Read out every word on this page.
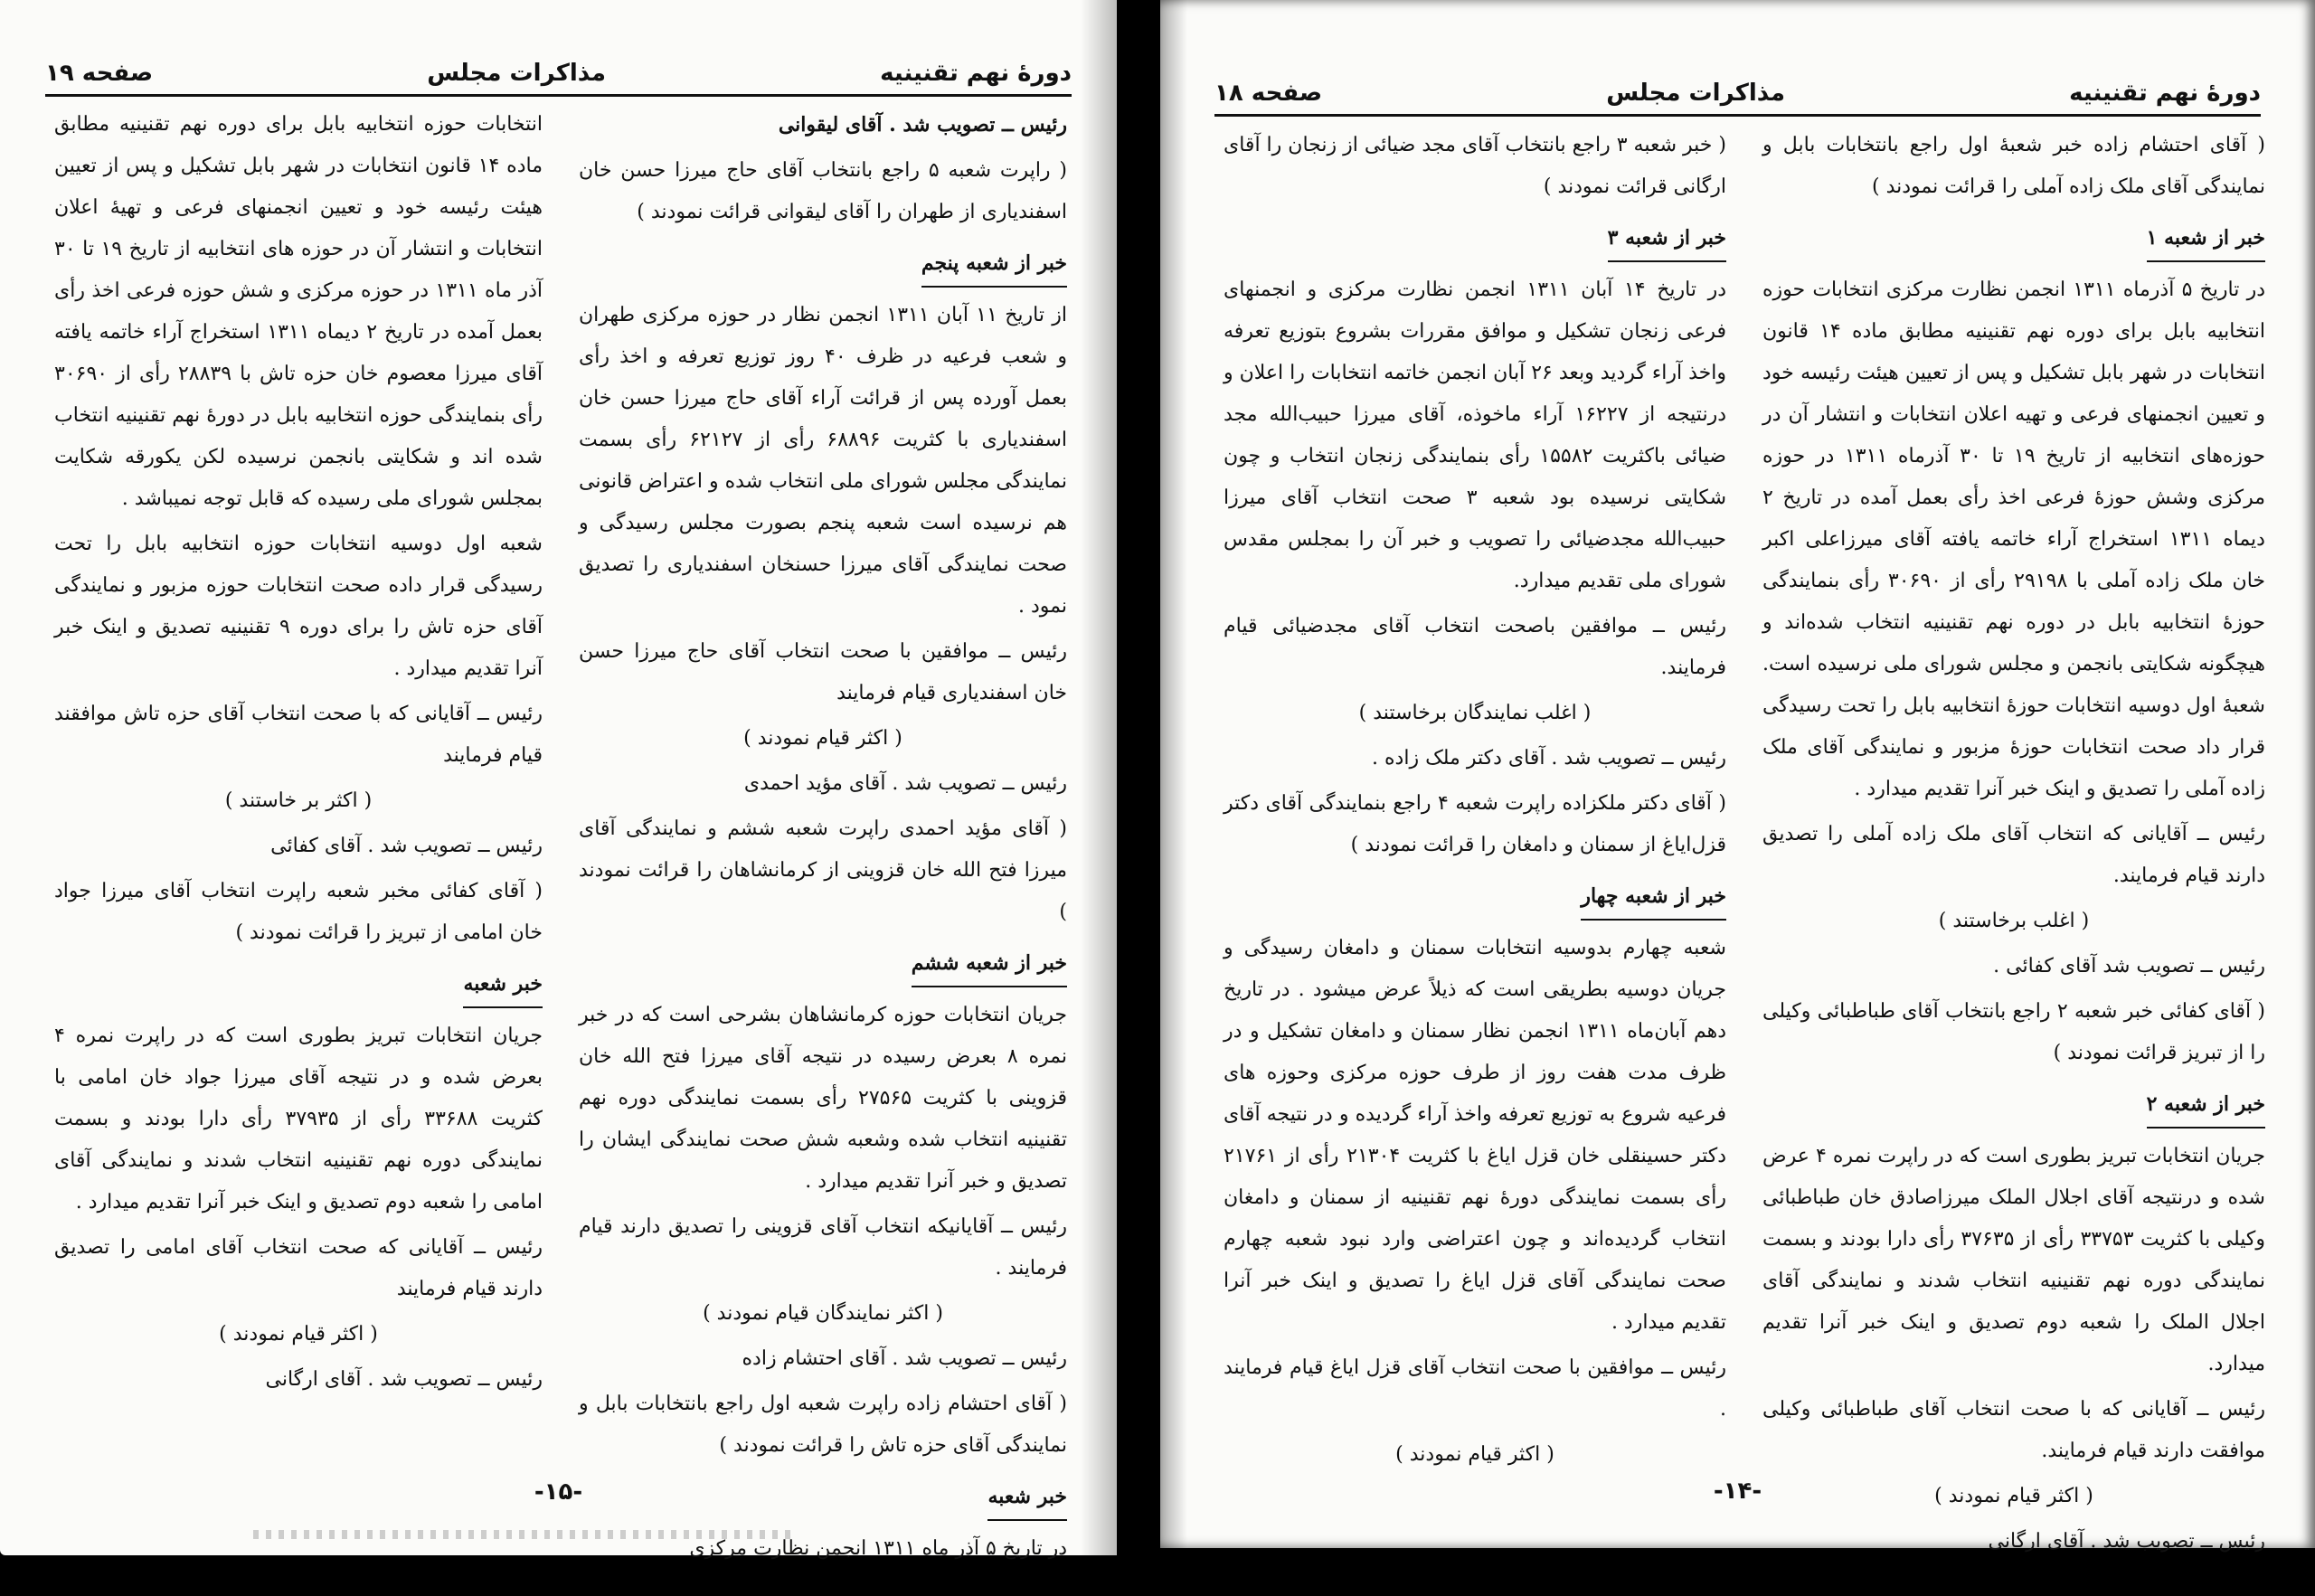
دورهٔ نهم تقنینیه
مذاکرات مجلس
صفحه ۱۹

رئیس ــ تصویب شد . آقای لیقوانی

( راپرت شعبه ۵ راجع بانتخاب آقای حاج میرزا حسن خان اسفندیاری از طهران را آقای لیقوانی قرائت نمودند )

خبر از شعبه پنجم

از تاریخ ۱۱ آبان ۱۳۱۱ انجمن نظار در حوزه مرکزی طهران و شعب فرعیه در ظرف ۴۰ روز توزیع تعرفه و اخذ رأی بعمل آورده پس از قرائت آراء آقای حاج میرزا حسن خان اسفندیاری با کثریت ۶۸۸۹۶ رأی از ۶۲۱۲۷ رأی بسمت نمایندگی مجلس شورای ملی انتخاب شده و اعتراض قانونی هم نرسیده است شعبه پنجم بصورت مجلس رسیدگی و صحت نمایندگی آقای میرزا حسنخان اسفندیاری را تصدیق نمود .

رئیس ــ موافقین با صحت انتخاب آقای حاج میرزا حسن خان اسفندیاری قیام فرمایند

( اکثر قیام نمودند )

رئیس ــ تصویب شد . آقای مؤید احمدی

( آقای مؤید احمدی راپرت شعبه ششم و نمایندگی آقای میرزا فتح الله خان قزوینی از کرمانشاهان را قرائت نمودند )

خبر از شعبه ششم

جریان انتخابات حوزه کرمانشاهان بشرحی است که در خبر نمره ۸ بعرض رسیده در نتیجه آقای میرزا فتح الله خان قزوینی با کثریت ۲۷۵۶۵ رأی بسمت نمایندگی دوره نهم تقنینیه انتخاب شده وشعبه شش صحت نمایندگی ایشان را تصدیق و خبر آنرا تقدیم میدارد .

رئیس ــ آقایانیکه انتخاب آقای قزوینی را تصدیق دارند قیام فرمایند .

( اکثر نمایندگان قیام نمودند )

رئیس ــ تصویب شد . آقای احتشام زاده

( آقای احتشام زاده راپرت شعبه اول راجع بانتخابات بابل و نمایندگی آقای حزه تاش را قرائت نمودند )

خبر شعبه

در تاریخ ۵ آذر ماه ۱۳۱۱ انجمن نظارت مرکزی

انتخابات حوزه انتخابیه بابل برای دوره نهم تقنینیه مطابق ماده ۱۴ قانون انتخابات در شهر بابل تشکیل و پس از تعیین هیئت رئیسه خود و تعیین انجمنهای فرعی و تهیهٔ اعلان انتخابات و انتشار آن در حوزه های انتخابیه از تاریخ ۱۹ تا ۳۰ آذر ماه ۱۳۱۱ در حوزه مرکزی و شش حوزه فرعی اخذ رأی بعمل آمده در تاریخ ۲ دیماه ۱۳۱۱ استخراج آراء خاتمه یافته آقای میرزا معصوم خان حزه تاش با ۲۸۸۳۹ رأی از ۳۰۶۹۰ رأی بنمایندگی حوزه انتخابیه بابل در دورهٔ نهم تقنینیه انتخاب شده اند و شکایتی بانجمن نرسیده لکن یکورقه شکایت بمجلس شورای ملی رسیده که قابل توجه نمیباشد .

شعبه اول دوسیه انتخابات حوزه انتخابیه بابل را تحت رسیدگی قرار داده صحت انتخابات حوزه مزبور و نمایندگی آقای حزه تاش را برای دوره ۹ تقنینیه تصدیق و اینک خبر آنرا تقدیم میدارد .

رئیس ــ آقایانی که با صحت انتخاب آقای حزه تاش موافقند قیام فرمایند

( اکثر بر خاستند )

رئیس ــ تصویب شد . آقای کفائی

( آقای کفائی مخبر شعبه راپرت انتخاب آقای میرزا جواد خان امامی از تبریز را قرائت نمودند )

خبر شعبه

جریان انتخابات تبریز بطوری است که در راپرت نمره ۴ بعرض شده و در نتیجه آقای میرزا جواد خان امامی با کثریت ۳۳۶۸۸ رأی از ۳۷۹۳۵ رأی دارا بودند و بسمت نمایندگی دوره نهم تقنینیه انتخاب شدند و نمایندگی آقای امامی را شعبه دوم تصدیق و اینک خبر آنرا تقدیم میدارد .

رئیس ــ آقایانی که صحت انتخاب آقای امامی را تصدیق دارند قیام فرمایند

( اکثر قیام نمودند )

رئیس ــ تصویب شد . آقای ارگانی

-۱۵-
دورهٔ نهم تقنینیه
مذاکرات مجلس
صفحه ۱۸

( آقای احتشام زاده خبر شعبهٔ اول راجع بانتخابات بابل و نمایندگی آقای ملک زاده آملی را قرائت نمودند )

خبر از شعبه ۱

در تاریخ ۵ آذرماه ۱۳۱۱ انجمن نظارت مرکزی انتخابات حوزه انتخابیه بابل برای دوره نهم تقنینیه مطابق ماده ۱۴ قانون انتخابات در شهر بابل تشکیل و پس از تعیین هیئت رئیسه خود و تعیین انجمنهای فرعی و تهیه اعلان انتخابات و انتشار آن در حوزه‌های انتخابیه از تاریخ ۱۹ تا ۳۰ آذرماه ۱۳۱۱ در حوزه مرکزی وشش حوزهٔ فرعی اخذ رأی بعمل آمده در تاریخ ۲ دیماه ۱۳۱۱ استخراج آراء خاتمه یافته آقای میرزاعلی اکبر خان ملک زاده آملی با ۲۹۱۹۸ رأی از ۳۰۶۹۰ رأی بنمایندگی حوزهٔ انتخابیه بابل در دوره نهم تقنینیه انتخاب شده‌اند و هیچگونه شکایتی بانجمن و مجلس شورای ملی نرسیده است. شعبهٔ اول دوسیه انتخابات حوزهٔ انتخابیه بابل را تحت رسیدگی قرار داد صحت انتخابات حوزهٔ مزبور و نمایندگی آقای ملک زاده آملی را تصدیق و اینک خبر آنرا تقدیم میدارد .

رئیس ــ آقایانی که انتخاب آقای ملک زاده آملی را تصدیق دارند قیام فرمایند.

( اغلب برخاستند )

رئیس ــ تصویب شد آقای کفائی .

( آقای کفائی خبر شعبه ۲ راجع بانتخاب آقای طباطبائی وکیلی را از تبریز قرائت نمودند )

خبر از شعبه ۲

جریان انتخابات تبریز بطوری است که در راپرت نمره ۴ عرض شده و درنتیجه آقای اجلال الملک میرزاصادق خان طباطبائی وکیلی با کثریت ۳۳۷۵۳ رأی از ۳۷۶۳۵ رأی دارا بودند و بسمت نمایندگی دوره نهم تقنینیه انتخاب شدند و نمایندگی آقای اجلال الملک را شعبه دوم تصدیق و اینک خبر آنرا تقدیم میدارد.

رئیس ــ آقایانی که با صحت انتخاب آقای طباطبائی وکیلی موافقت دارند قیام فرمایند.

( اکثر قیام نمودند )

رئیس ــ تصویب شد . آقای ارگانی

( خبر شعبه ۳ راجع بانتخاب آقای مجد ضیائی از زنجان را آقای ارگانی قرائت نمودند )

خبر از شعبه ۳

در تاریخ ۱۴ آبان ۱۳۱۱ انجمن نظارت مرکزی و انجمنهای فرعی زنجان تشکیل و موافق مقررات بشروع بتوزیع تعرفه واخذ آراء گردید وبعد ۲۶ آبان انجمن خاتمه انتخابات را اعلان و درنتیجه از ۱۶۲۲۷ آراء ماخوذه، آقای میرزا حبیب‌الله مجد ضیائی باکثریت ۱۵۵۸۲ رأی بنمایندگی زنجان انتخاب و چون شکایتی نرسیده بود شعبه ۳ صحت انتخاب آقای میرزا حبیب‌الله مجدضیائی را تصویب و خبر آن را بمجلس مقدس شورای ملی تقدیم میدارد.

رئیس ــ موافقین باصحت انتخاب آقای مجدضیائی قیام فرمایند.

( اغلب نمایندگان برخاستند )

رئیس ــ تصویب شد . آقای دکتر ملک زاده .

( آقای دکتر ملکزاده راپرت شعبه ۴ راجع بنمایندگی آقای دکتر قزل‌ایاغ از سمنان و دامغان را قرائت نمودند )

خبر از شعبه چهار

شعبه چهارم بدوسیه انتخابات سمنان و دامغان رسیدگی و جریان دوسیه بطریقی است که ذیلاً عرض میشود . در تاریخ دهم آبان‌ماه ۱۳۱۱ انجمن نظار سمنان و دامغان تشکیل و در ظرف مدت هفت روز از طرف حوزه مرکزی وحوزه های فرعیه شروع به توزیع تعرفه واخذ آراء گردیده و در نتیجه آقای دکتر حسینقلی خان قزل ایاغ با کثریت ۲۱۳۰۴ رأی از ۲۱۷۶۱ رأی بسمت نمایندگی دورهٔ نهم تقنینیه از سمنان و دامغان انتخاب گردیده‌اند و چون اعتراضی وارد نبود شعبه چهارم صحت نمایندگی آقای قزل ایاغ را تصدیق و اینک خبر آنرا تقدیم میدارد .

رئیس ــ موافقین با صحت انتخاب آقای قزل ایاغ قیام فرمایند .

( اکثر قیام نمودند )

-۱۴-
